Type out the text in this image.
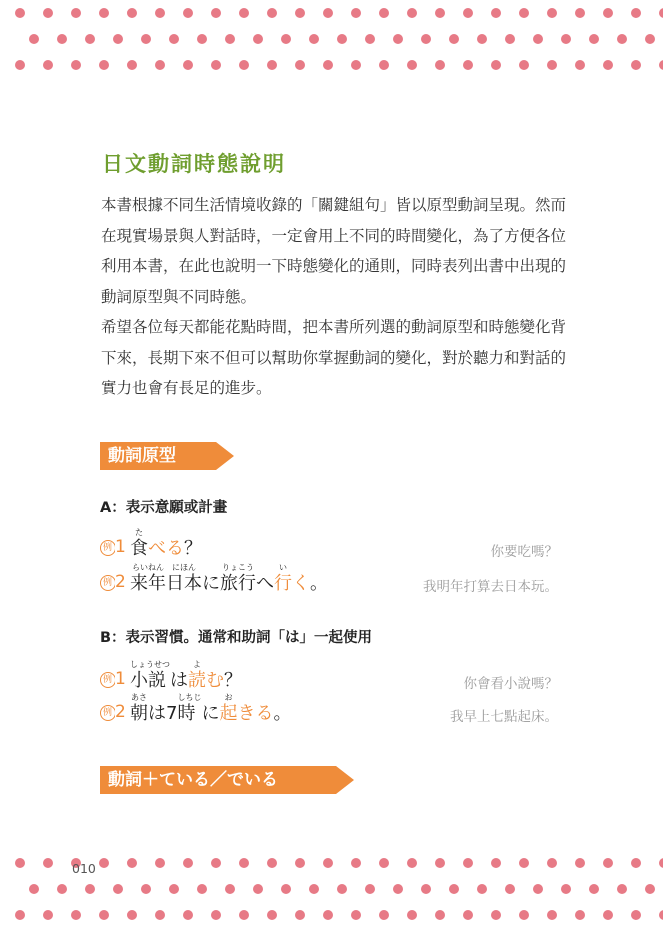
日文動詞時態說明

本書根據不同生活情境收錄的「關鍵組句」皆以原型動詞呈現。然而在現實場景與人對話時，一定會用上不同的時間變化，為了方便各位利用本書，在此也說明一下時態變化的通則，同時表列出書中出現的動詞原型與不同時態。

希望各位每天都能花點時間，把本書所列選的動詞原型和時態變化背下來，長期下來不但可以幫助你掌握動詞的變化，對於聽力和對話的實力也會有長足的進步。

動詞原型
A：表示意願或計畫
例 1
た
食 べる ？	你要吃嗎？
例 2
らいねん
来年
にほん
日本 に
りょこう
旅行 へ
い
行 く 。	我明年打算去日本玩。
B：表示習慣。通常和助詞「は」一起使用
例 1
しょうせつ
小説 は
よ
読 む ？	你會看小說嗎？
例 2
あさ
朝 は 7
しちじ
時 に
お
起 きる 。	我早上七點起床。
動詞＋ている／でいる
010
